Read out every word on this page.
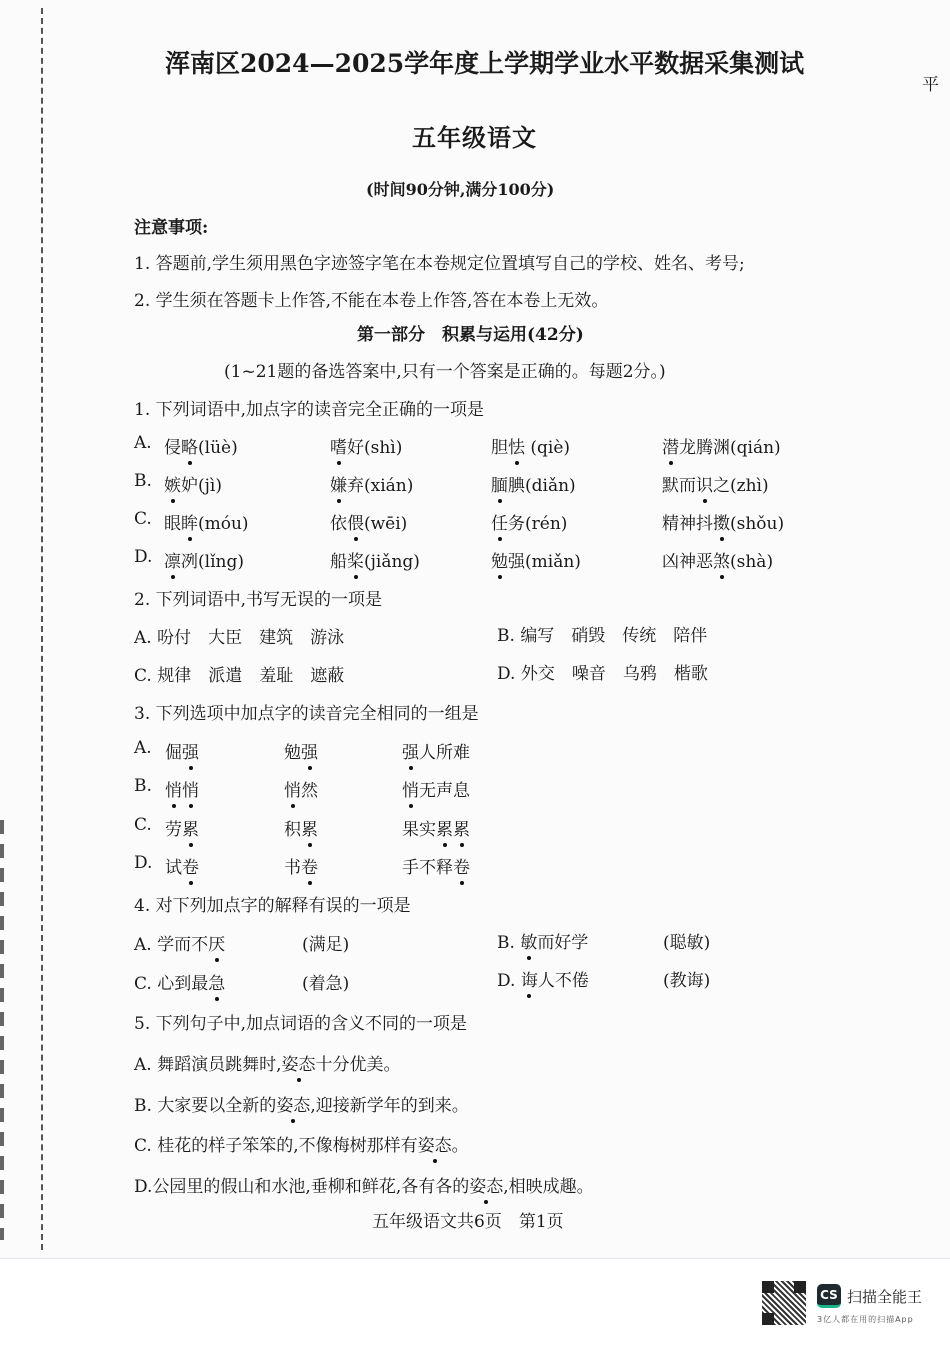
浑南区2024—2025学年度上学期学业水平数据采集测试
平
五年级语文
(时间90分钟,满分100分)
注意事项:
1. 答题前,学生须用黑色字迹签字笔在本卷规定位置填写自己的学校、姓名、考号;
2. 学生须在答题卡上作答,不能在本卷上作答,答在本卷上无效。
第一部分　积累与运用(42分)
(1~21题的备选答案中,只有一个答案是正确的。每题2分。)
1. 下列词语中,加点字的读音完全正确的一项是
A. 侵略(lüè)	嗜好(shì)	胆怯 (qiè)	潜龙腾渊(qián)
B. 嫉妒(jì)	嫌弃(xián)	腼腆(diǎn)	默而识之(zhì)
C. 眼眸(móu)	依偎(wēi)	任务(rén)	精神抖擞(shǒu)
D. 凛冽(lǐng)	船桨(jiǎng)	勉强(miǎn)	凶神恶煞(shà)
2. 下列词语中,书写无误的一项是
A. 吩付　大臣　建筑　游泳	B. 编写　硝毁　传统　陪伴
C. 规律　派遣　羞耻　遮蔽	D. 外交　噪音　乌鸦　楷歌
3. 下列选项中加点字的读音完全相同的一组是
A. 倔强	勉强	强人所难
B. 悄悄	悄然	悄无声息
C. 劳累	积累	果实累累
D. 试卷	书卷	手不释卷
4. 对下列加点字的解释有误的一项是
A. 学而不厌	(满足)	B. 敏而好学	(聪敏)
C. 心到最急	(着急)	D. 诲人不倦	(教诲)
5. 下列句子中,加点词语的含义不同的一项是
A. 舞蹈演员跳舞时,姿态十分优美。
B. 大家要以全新的姿态,迎接新学年的到来。
C. 桂花的样子笨笨的,不像梅树那样有姿态。
D.公园里的假山和水池,垂柳和鲜花,各有各的姿态,相映成趣。
五年级语文共6页　第1页
CS 扫描全能王
3亿人都在用的扫描App
